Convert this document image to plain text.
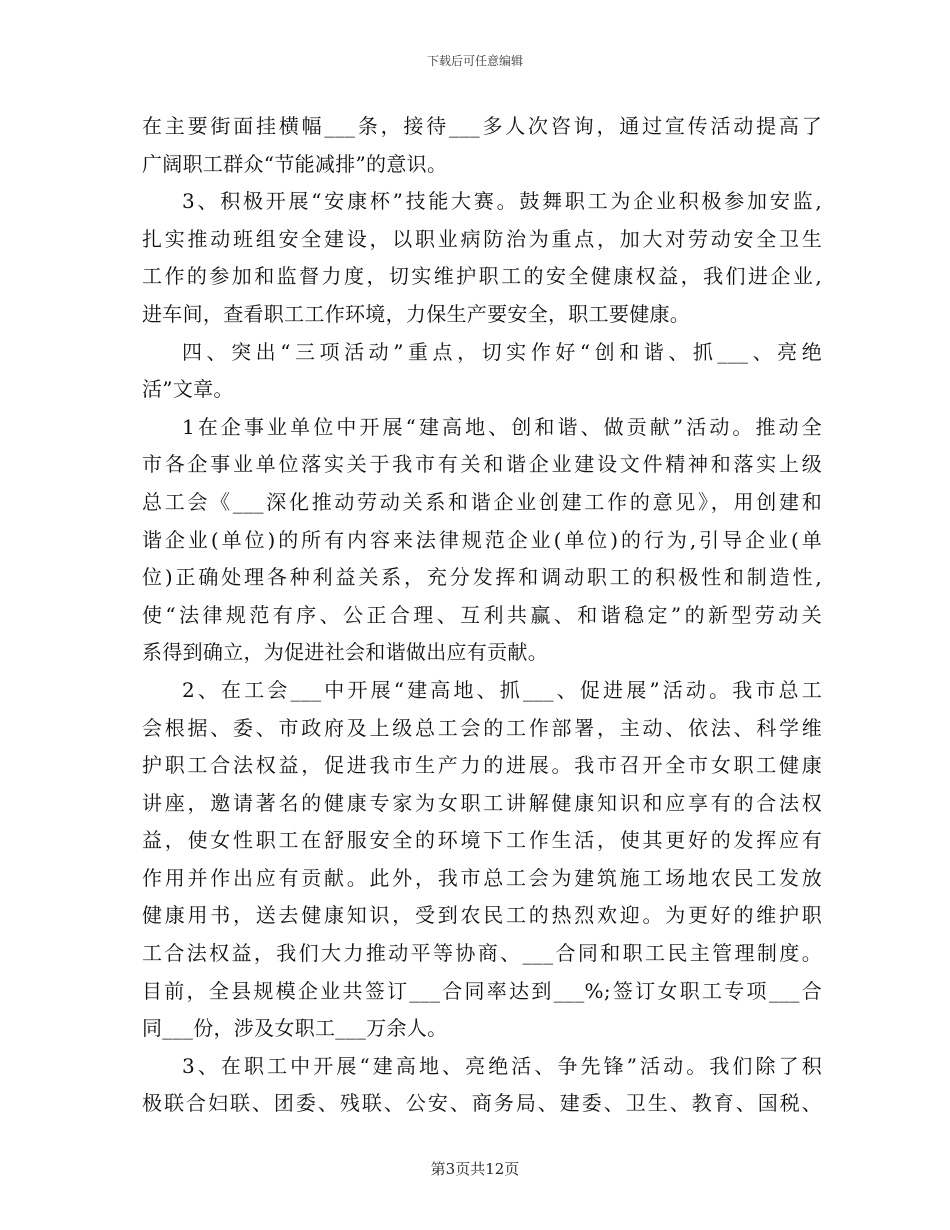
下载后可任意编辑
在主要街面挂横幅___条，接待___多人次咨询，通过宣传活动提高了
广阔职工群众“节能减排”的意识。
3、积极开展“安康杯”技能大赛。鼓舞职工为企业积极参加安监,
扎实推动班组安全建设，以职业病防治为重点，加大对劳动安全卫生
工作的参加和监督力度，切实维护职工的安全健康权益，我们进企业,
进车间，查看职工工作环境，力保生产要安全，职工要健康。
四、突出“三项活动”重点，切实作好“创和谐、抓___、亮绝
活”文章。
1在企事业单位中开展“建高地、创和谐、做贡献”活动。推动全
市各企事业单位落实关于我市有关和谐企业建设文件精神和落实上级
总工会《___深化推动劳动关系和谐企业创建工作的意见》，用创建和
谐企业(单位)的所有内容来法律规范企业(单位)的行为,引导企业(单
位)正确处理各种利益关系，充分发挥和调动职工的积极性和制造性,
使“法律规范有序、公正合理、互利共赢、和谐稳定”的新型劳动关
系得到确立，为促进社会和谐做出应有贡献。
2、在工会___中开展“建高地、抓___、促进展”活动。我市总工
会根据、委、市政府及上级总工会的工作部署，主动、依法、科学维
护职工合法权益，促进我市生产力的进展。我市召开全市女职工健康
讲座，邀请著名的健康专家为女职工讲解健康知识和应享有的合法权
益，使女性职工在舒服安全的环境下工作生活，使其更好的发挥应有
作用并作出应有贡献。此外，我市总工会为建筑施工场地农民工发放
健康用书，送去健康知识，受到农民工的热烈欢迎。为更好的维护职
工合法权益，我们大力推动平等协商、___合同和职工民主管理制度。
目前，全县规模企业共签订___合同率达到___%;签订女职工专项___合
同___份，涉及女职工___万余人。
3、在职工中开展“建高地、亮绝活、争先锋”活动。我们除了积
极联合妇联、团委、残联、公安、商务局、建委、卫生、教育、国税、
第3页共12页
